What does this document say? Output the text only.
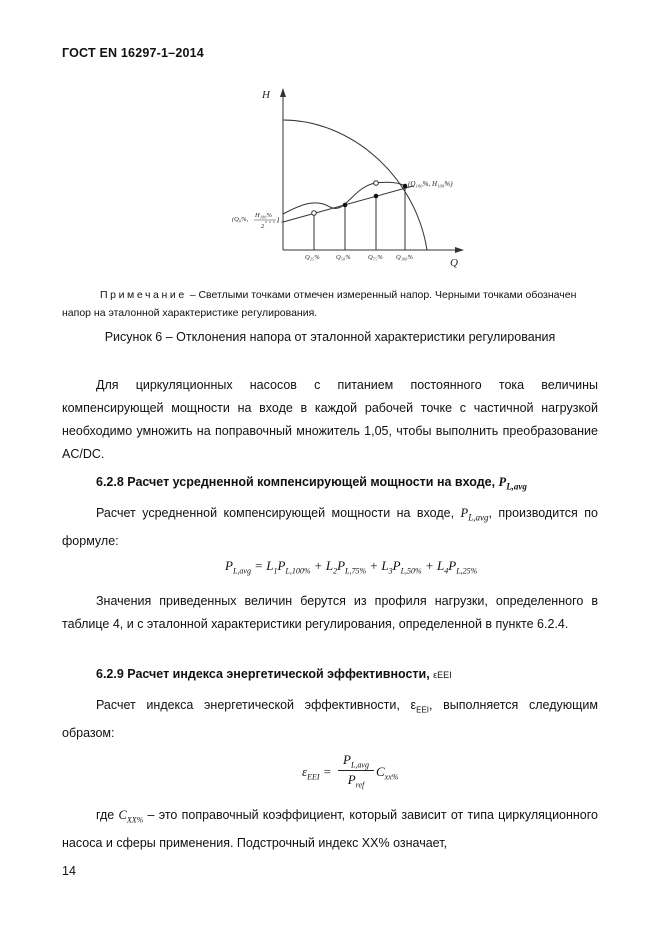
ГОСТ EN 16297-1–2014
H
Q
(Q₁₀₀%, H₁₀₀%)
(Q₀%,
H₁₀₀%
2
)
Q₂₅%	Q₅₀%	Q₇₅% Q₁₀₀%
Примечание – Светлыми точками отмечен измеренный напор. Черными точками обозначен напор на эталонной характеристике регулирования.
Рисунок 6 – Отклонения напора от эталонной характеристики регулирования
Для циркуляционных насосов с питанием постоянного тока величины компенсирующей мощности на входе в каждой рабочей точке с частичной нагрузкой необходимо умножить на поправочный множитель 1,05, чтобы выполнить преобразование AC/DC.
6.2.8 Расчет усредненной компенсирующей мощности на входе, $P_{L,avg}$
Расчет усредненной компенсирующей мощности на входе, $P_{L,avg}$, производится по формуле:
$P_{L,avg} = L_1P_{L,100\%} + L_2P_{L,75\%} + L_3P_{L,50\%} + L_4P_{L,25\%}$
Значения приведенных величин берутся из профиля нагрузки, определенного в таблице 4, и с эталонной характеристики регулирования, определенной в пункте 6.2.4.
6.2.9 Расчет индекса энергетической эффективности, εEEI
Расчет индекса энергетической эффективности, $\varepsilon_{EEI}$, выполняется следующим образом:
$\varepsilon_{EEI}$ =
$P_{L,avg}$
$P_{ref}$
$C_{xx\%}$
где $C_{XX\%}$ – это поправочный коэффициент, который зависит от типа циркуляционного насоса и сферы применения. Подстрочный индекс XX% означает,
14
